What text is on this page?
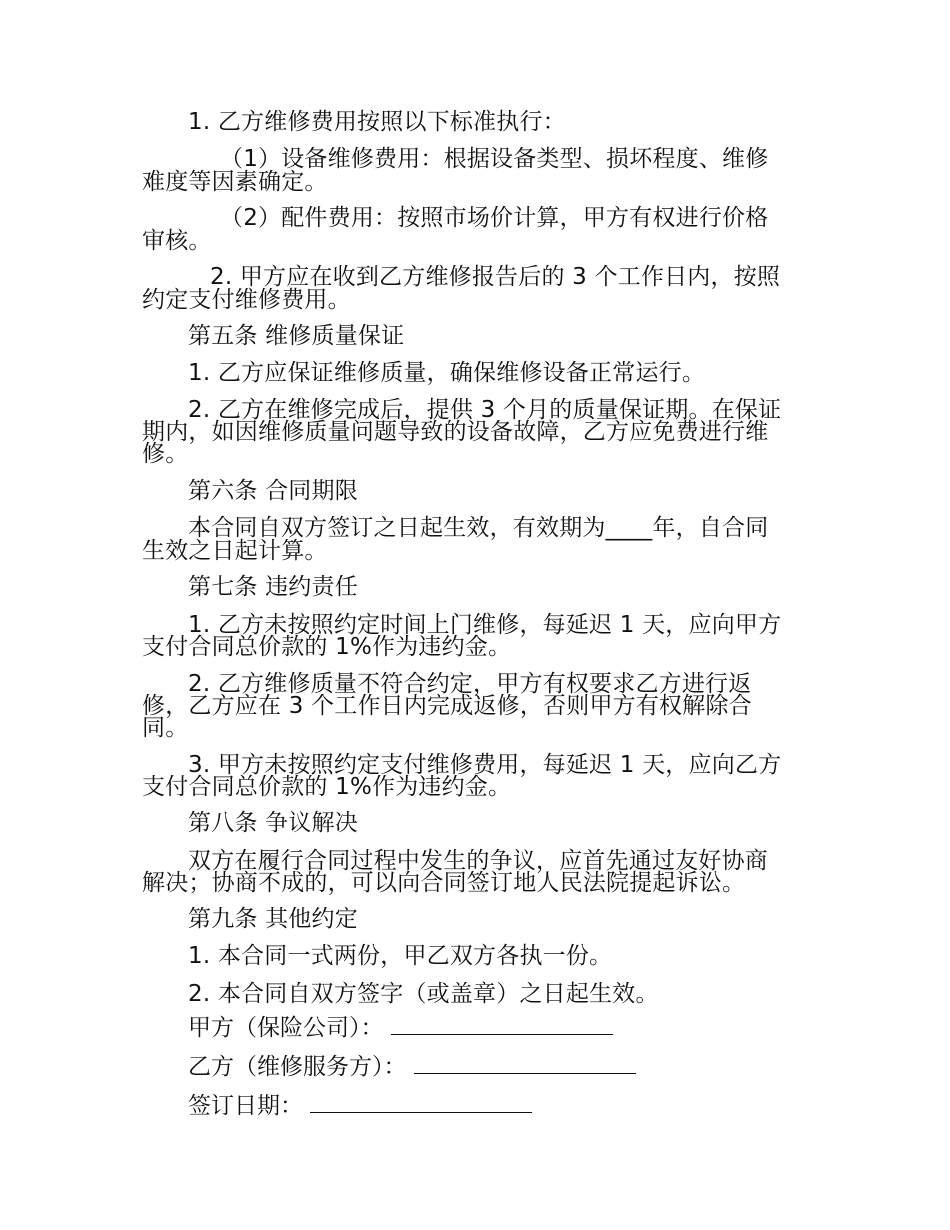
1. 乙方维修费用按照以下标准执行：
（1）设备维修费用：根据设备类型、损坏程度、维修
难度等因素确定。
（2）配件费用：按照市场价计算，甲方有权进行价格
审核。
2. 甲方应在收到乙方维修报告后的 3 个工作日内，按照
约定支付维修费用。
第五条 维修质量保证
1. 乙方应保证维修质量，确保维修设备正常运行。
2. 乙方在维修完成后，提供 3 个月的质量保证期。在保证
期内，如因维修质量问题导致的设备故障，乙方应免费进行维
修。
第六条 合同期限
本合同自双方签订之日起生效，有效期为____年，自合同
生效之日起计算。
第七条 违约责任
1. 乙方未按照约定时间上门维修，每延迟 1 天，应向甲方
支付合同总价款的 1%作为违约金。
2. 乙方维修质量不符合约定，甲方有权要求乙方进行返
修，乙方应在 3 个工作日内完成返修，否则甲方有权解除合
同。
3. 甲方未按照约定支付维修费用，每延迟 1 天，应向乙方
支付合同总价款的 1%作为违约金。
第八条 争议解决
双方在履行合同过程中发生的争议，应首先通过友好协商
解决；协商不成的，可以向合同签订地人民法院提起诉讼。
第九条 其他约定
1. 本合同一式两份，甲乙双方各执一份。
2. 本合同自双方签字（或盖章）之日起生效。
甲方（保险公司）：
乙方（维修服务方）：
签订日期：
